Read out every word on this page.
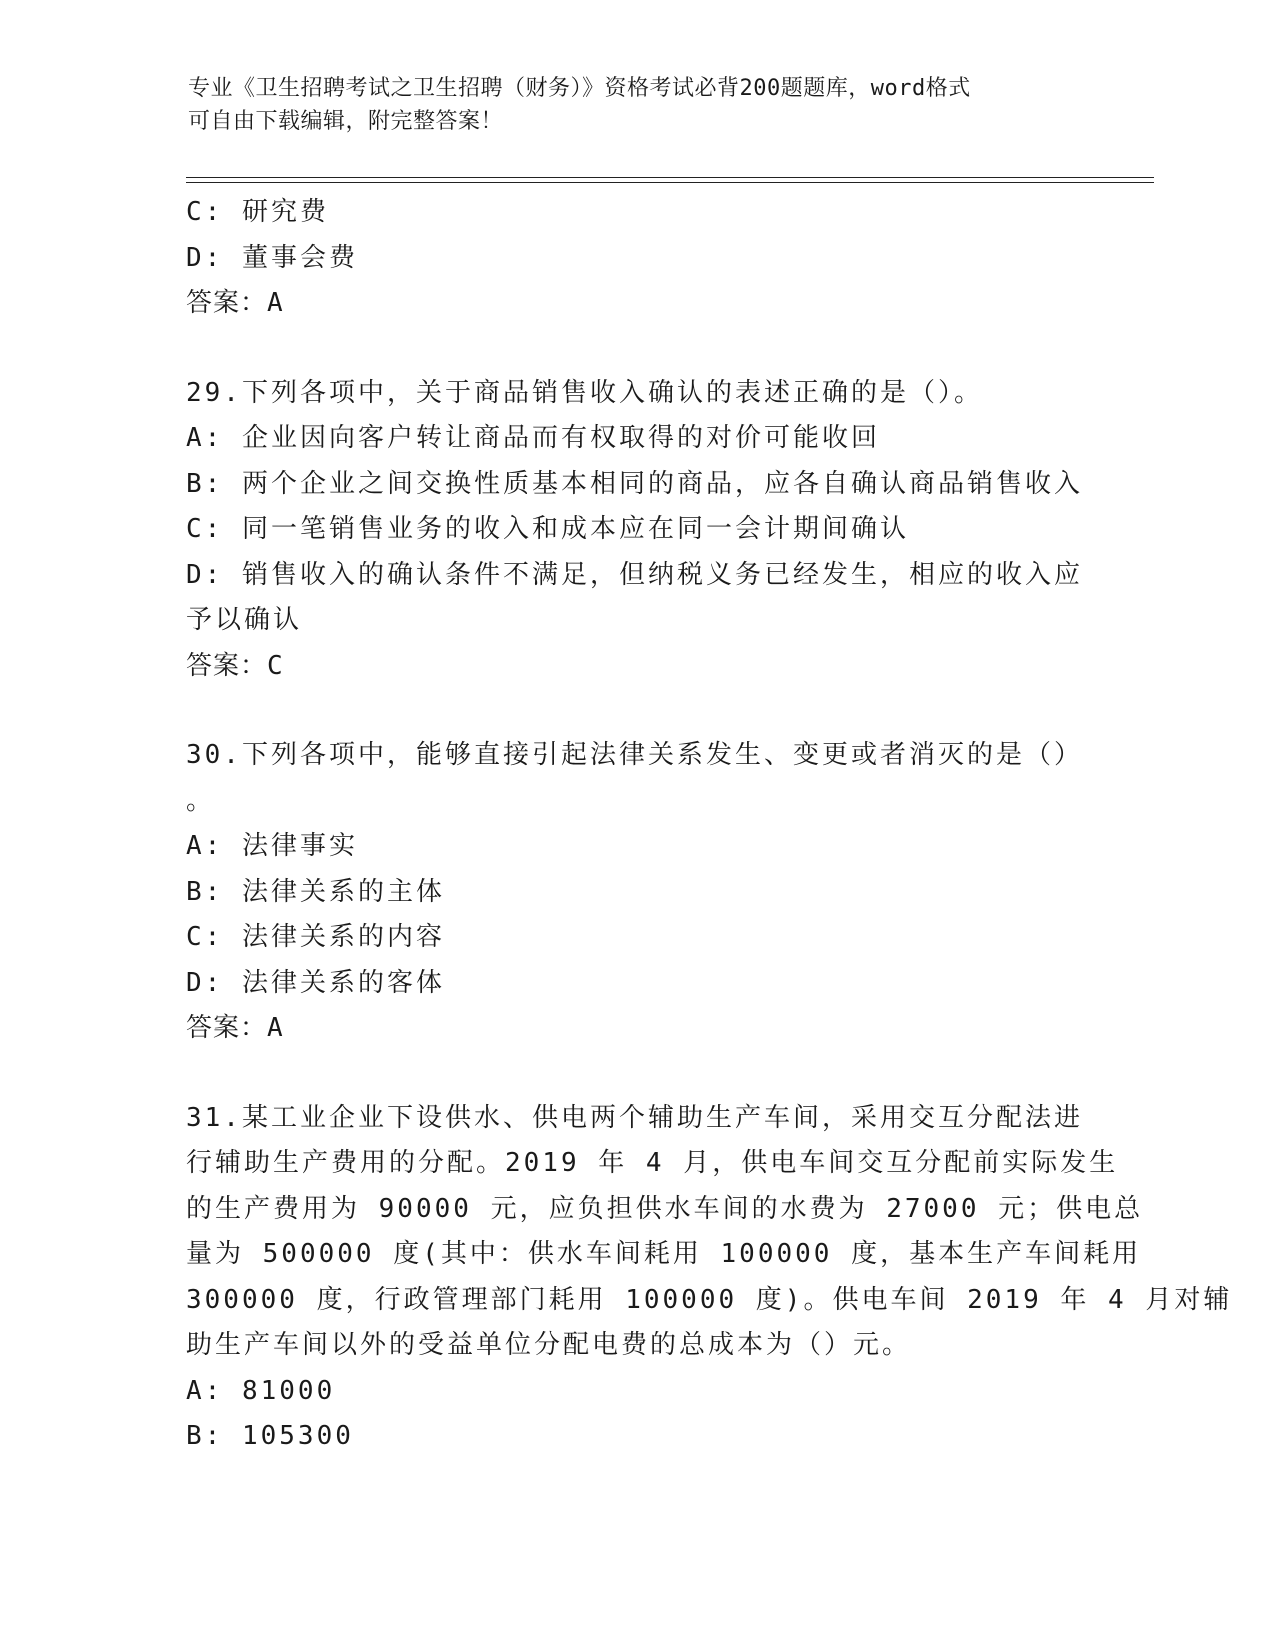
专业《卫生招聘考试之卫生招聘（财务）》资格考试必背200题题库，word格式
可自由下载编辑，附完整答案！
C: 研究费
D: 董事会费
答案：A
29.下列各项中，关于商品销售收入确认的表述正确的是（）。
A: 企业因向客户转让商品而有权取得的对价可能收回
B: 两个企业之间交换性质基本相同的商品，应各自确认商品销售收入
C: 同一笔销售业务的收入和成本应在同一会计期间确认
D: 销售收入的确认条件不满足，但纳税义务已经发生，相应的收入应
予以确认
答案：C
30.下列各项中，能够直接引起法律关系发生、变更或者消灭的是（）
。
A: 法律事实
B: 法律关系的主体
C: 法律关系的内容
D: 法律关系的客体
答案：A
31.某工业企业下设供水、供电两个辅助生产车间，采用交互分配法进
行辅助生产费用的分配。2019 年 4 月，供电车间交互分配前实际发生
的生产费用为 90000 元，应负担供水车间的水费为 27000 元；供电总
量为 500000 度(其中：供水车间耗用 100000 度，基本生产车间耗用
300000 度，行政管理部门耗用 100000 度)。供电车间 2019 年 4 月对辅
助生产车间以外的受益单位分配电费的总成本为（）元。
A: 81000
B: 105300
